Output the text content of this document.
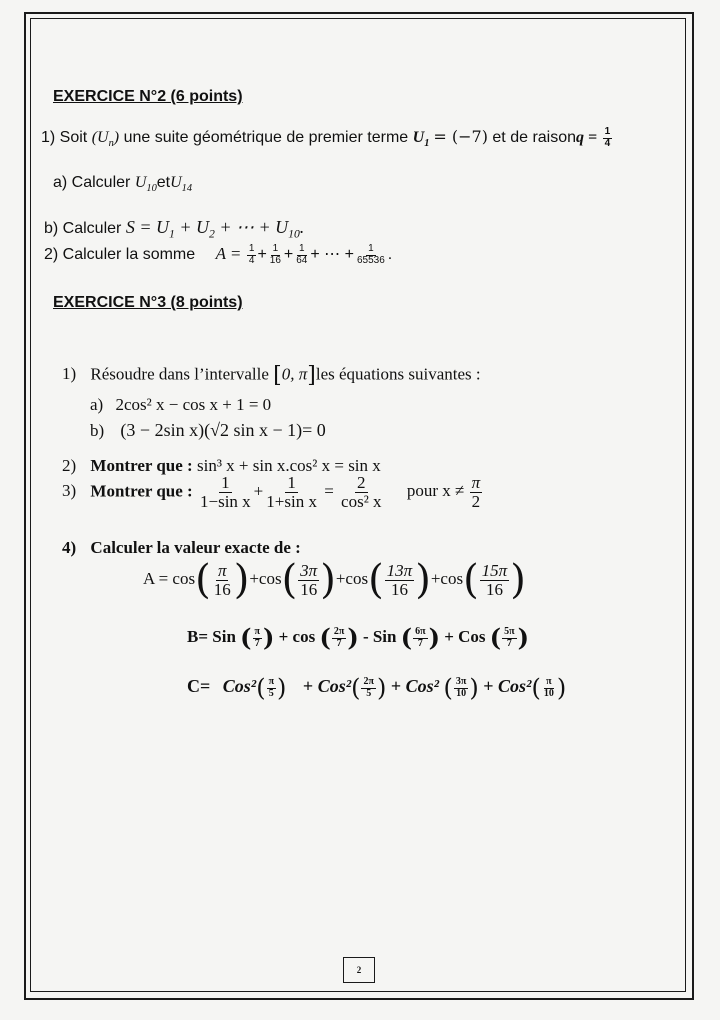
EXERCICE N°2 (6 points)
1) Soit $(U_n)$ une suite géométrique de premier terme $U_1 = (-7)$ et de raisonq = $\frac{1}{4}$
a) Calculer $U_{10}etU_{14}$
b) Calculer $S = U_1 + U_2$ + ⋯ + $U_{10}$.
2) Calculer la somme $A = \frac{1}{4} + \frac{1}{16} + \frac{1}{64}$ + ⋯ + $\frac{1}{65536}$ .
EXERCICE N°3 (8 points)
1) Résoudre dans l’intervalle [0, π]les équations suivantes :
a) 2cos² x − cos x + 1 = 0
b) (3 − 2sin x)(√2 sin x − 1)= 0
2) Montrer que : sin³ x + sin x.cos² x = sin x
3) Montrer que : $\frac{1}{\text{1−sin x}} + \frac{1}{\text{1+sin x}} = \frac{2}{\text{cos² x}}$ pour $x \ne \frac{\pi}{2}$
4) Calculer la valeur exacte de :
$A = \cos( \frac{\pi}{16} )+\cos( \frac{3\pi}{16} )+\cos( \frac{13\pi}{16} )+\cos( \frac{15\pi}{16}$ )
B= Sin ( $\frac{\pi}{7}$ ) + cos ( $\frac{2\pi}{7}$ ) - Sin ( $\frac{6\pi}{7}$ ) + Cos ( $\frac{5\pi}{7}$ )
$C= Cos^2( \frac{\pi}{5}$ ) + $Cos^2( \frac{2\pi}{5}$ ) + Cos² ( $\frac{3\pi}{10}$ ) + $Cos^2( \frac{\pi}{10}$ )
2
